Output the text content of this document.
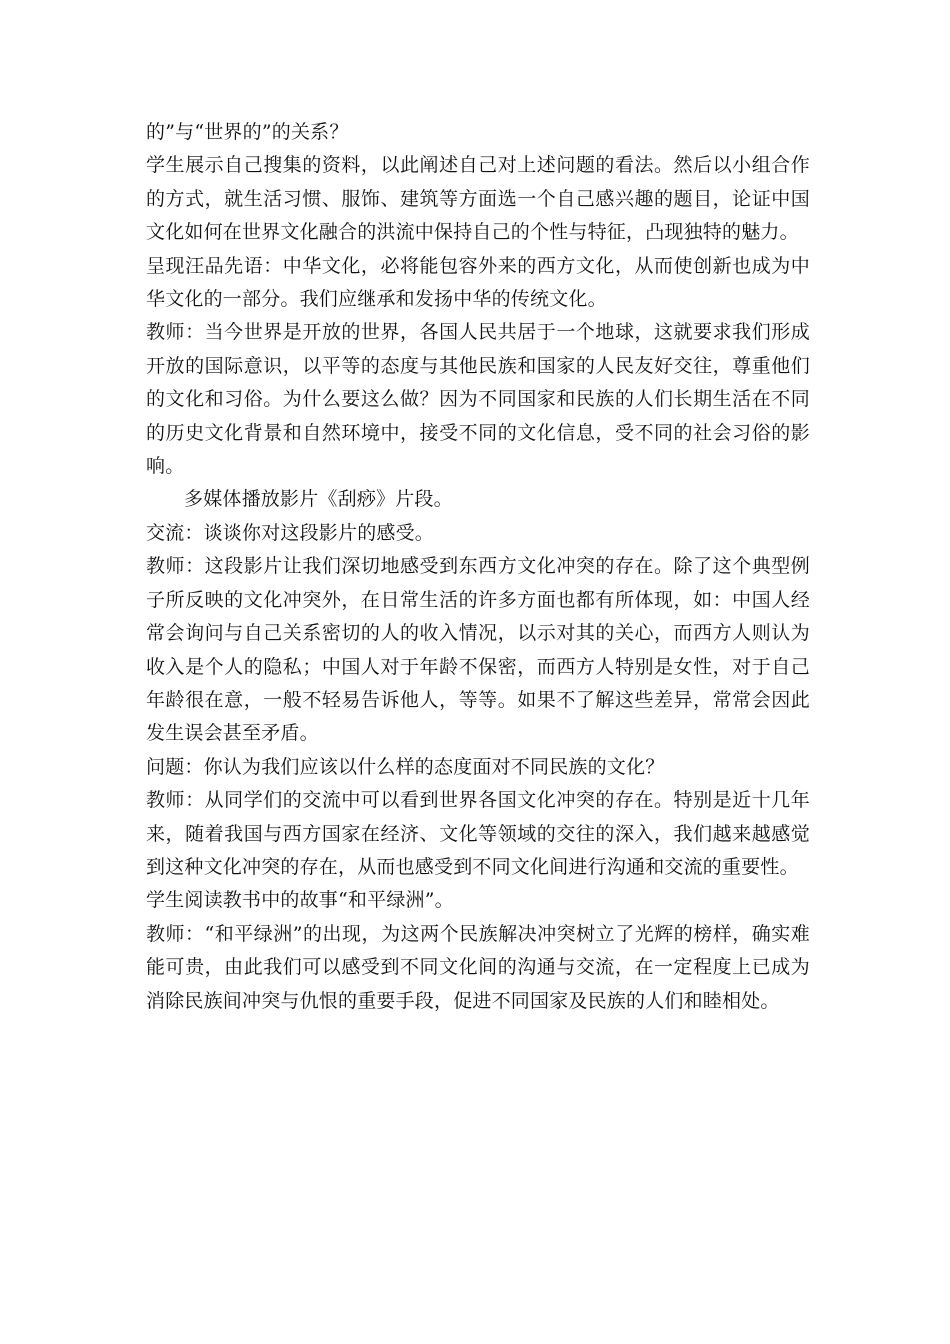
的”与“世界的”的关系？

学生展示自己搜集的资料，以此阐述自己对上述问题的看法。然后以小组合作的方式，就生活习惯、服饰、建筑等方面选一个自己感兴趣的题目，论证中国文化如何在世界文化融合的洪流中保持自己的个性与特征，凸现独特的魅力。

呈现汪品先语：中华文化，必将能包容外来的西方文化，从而使创新也成为中华文化的一部分。我们应继承和发扬中华的传统文化。

教师：当今世界是开放的世界，各国人民共居于一个地球，这就要求我们形成开放的国际意识，以平等的态度与其他民族和国家的人民友好交往，尊重他们的文化和习俗。为什么要这么做？因为不同国家和民族的人们长期生活在不同的历史文化背景和自然环境中，接受不同的文化信息，受不同的社会习俗的影响。

多媒体播放影片《刮痧》片段。

交流：谈谈你对这段影片的感受。

教师：这段影片让我们深切地感受到东西方文化冲突的存在。除了这个典型例子所反映的文化冲突外，在日常生活的许多方面也都有所体现，如：中国人经常会询问与自己关系密切的人的收入情况，以示对其的关心，而西方人则认为收入是个人的隐私；中国人对于年龄不保密，而西方人特别是女性，对于自己年龄很在意，一般不轻易告诉他人，等等。如果不了解这些差异，常常会因此发生误会甚至矛盾。

问题：你认为我们应该以什么样的态度面对不同民族的文化？

教师：从同学们的交流中可以看到世界各国文化冲突的存在。特别是近十几年来，随着我国与西方国家在经济、文化等领域的交往的深入，我们越来越感觉到这种文化冲突的存在，从而也感受到不同文化间进行沟通和交流的重要性。

学生阅读教书中的故事“和平绿洲”。

教师：“和平绿洲”的出现，为这两个民族解决冲突树立了光辉的榜样，确实难能可贵，由此我们可以感受到不同文化间的沟通与交流，在一定程度上已成为消除民族间冲突与仇恨的重要手段，促进不同国家及民族的人们和睦相处。
